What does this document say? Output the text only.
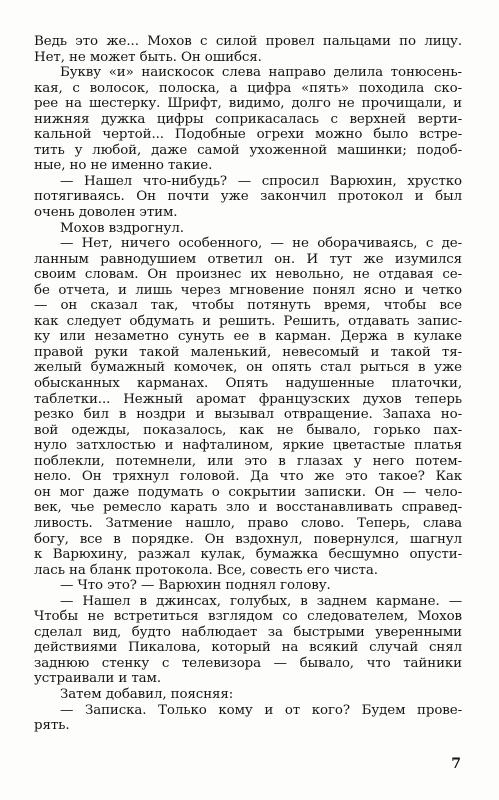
Ведь это же... Мохов с силой провел пальцами по лицу.
Нет, не может быть. Он ошибся.
Букву «и» наискосок слева направо делила тонюсень-
кая, с волосок, полоска, а цифра «пять» походила ско-
рее на шестерку. Шрифт, видимо, долго не прочищали, и
нижняя дужка цифры соприкасалась с верхней верти-
кальной чертой... Подобные огрехи можно было встре-
тить у любой, даже самой ухоженной машинки; подоб-
ные, но не именно такие.
— Нашел что-нибудь? — спросил Варюхин, хрустко
потягиваясь. Он почти уже закончил протокол и был
очень доволен этим.
Мохов вздрогнул.
— Нет, ничего особенного, — не оборачиваясь, с де-
ланным равнодушием ответил он. И тут же изумился
своим словам. Он произнес их невольно, не отдавая се-
бе отчета, и лишь через мгновение понял ясно и четко
— он сказал так, чтобы потянуть время, чтобы все
как следует обдумать и решить. Решить, отдавать запис-
ку или незаметно сунуть ее в карман. Держа в кулаке
правой руки такой маленький, невесомый и такой тя-
желый бумажный комочек, он опять стал рыться в уже
обысканных карманах. Опять надушенные платочки,
таблетки... Нежный аромат французских духов теперь
резко бил в ноздри и вызывал отвращение. Запаха но-
вой одежды, показалось, как не бывало, горько пах-
нуло затхлостью и нафталином, яркие цветастые платья
поблекли, потемнели, или это в глазах у него потем-
нело. Он тряхнул головой. Да что же это такое? Как
он мог даже подумать о сокрытии записки. Он — чело-
век, чье ремесло карать зло и восстанавливать справед-
ливость. Затмение нашло, право слово. Теперь, слава
богу, все в порядке. Он вздохнул, повернулся, шагнул
к Варюхину, разжал кулак, бумажка бесшумно опусти-
лась на бланк протокола. Все, совесть его чиста.
— Что это? — Варюхин поднял голову.
— Нашел в джинсах, голубых, в заднем кармане. —
Чтобы не встретиться взглядом со следователем, Мохов
сделал вид, будто наблюдает за быстрыми уверенными
действиями Пикалова, который на всякий случай снял
заднюю стенку с телевизора — бывало, что тайники
устраивали и там.
Затем добавил, поясняя:
— Записка. Только кому и от кого? Будем прове-
рять.
7
